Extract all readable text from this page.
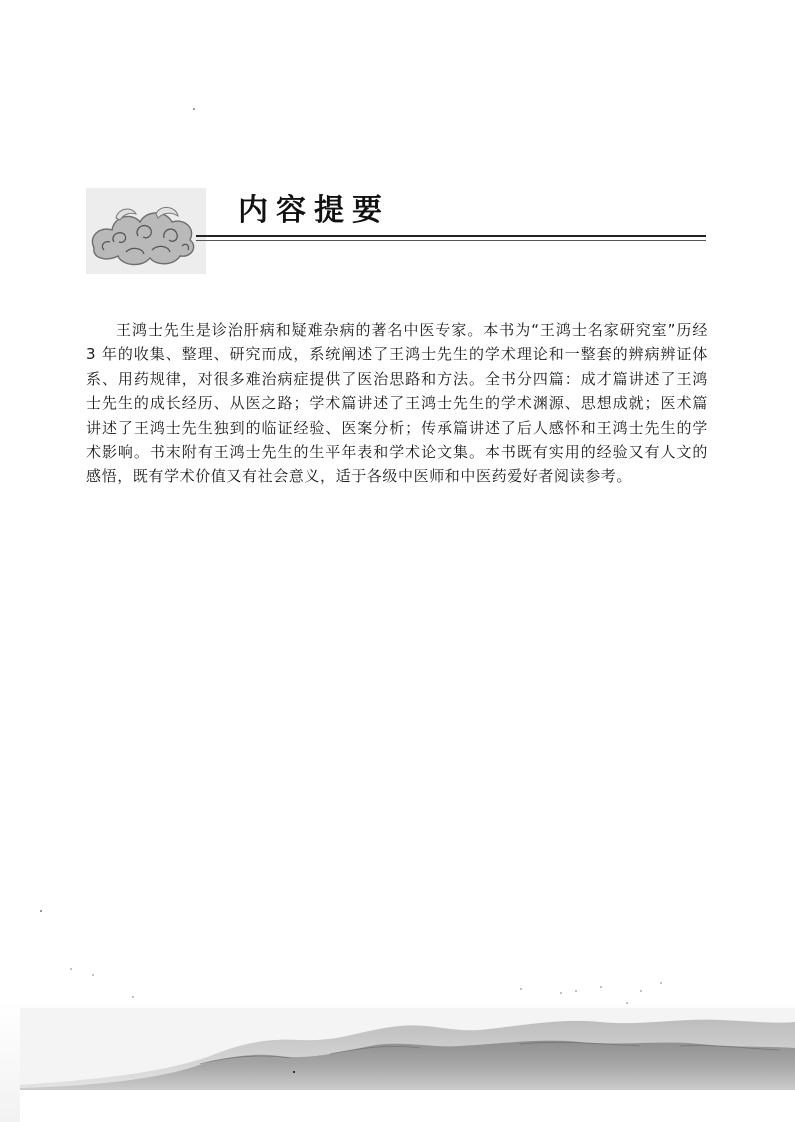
内容提要

王鸿士先生是诊治肝病和疑难杂病的著名中医专家。本书为“王鸿士名家研究室”历经 3 年的收集、整理、研究而成，系统阐述了王鸿士先生的学术理论和一整套的辨病辨证体系、用药规律，对很多难治病症提供了医治思路和方法。全书分四篇：成才篇讲述了王鸿士先生的成长经历、从医之路；学术篇讲述了王鸿士先生的学术渊源、思想成就；医术篇讲述了王鸿士先生独到的临证经验、医案分析；传承篇讲述了后人感怀和王鸿士先生的学术影响。书末附有王鸿士先生的生平年表和学术论文集。本书既有实用的经验又有人文的感悟，既有学术价值又有社会意义，适于各级中医师和中医药爱好者阅读参考。
